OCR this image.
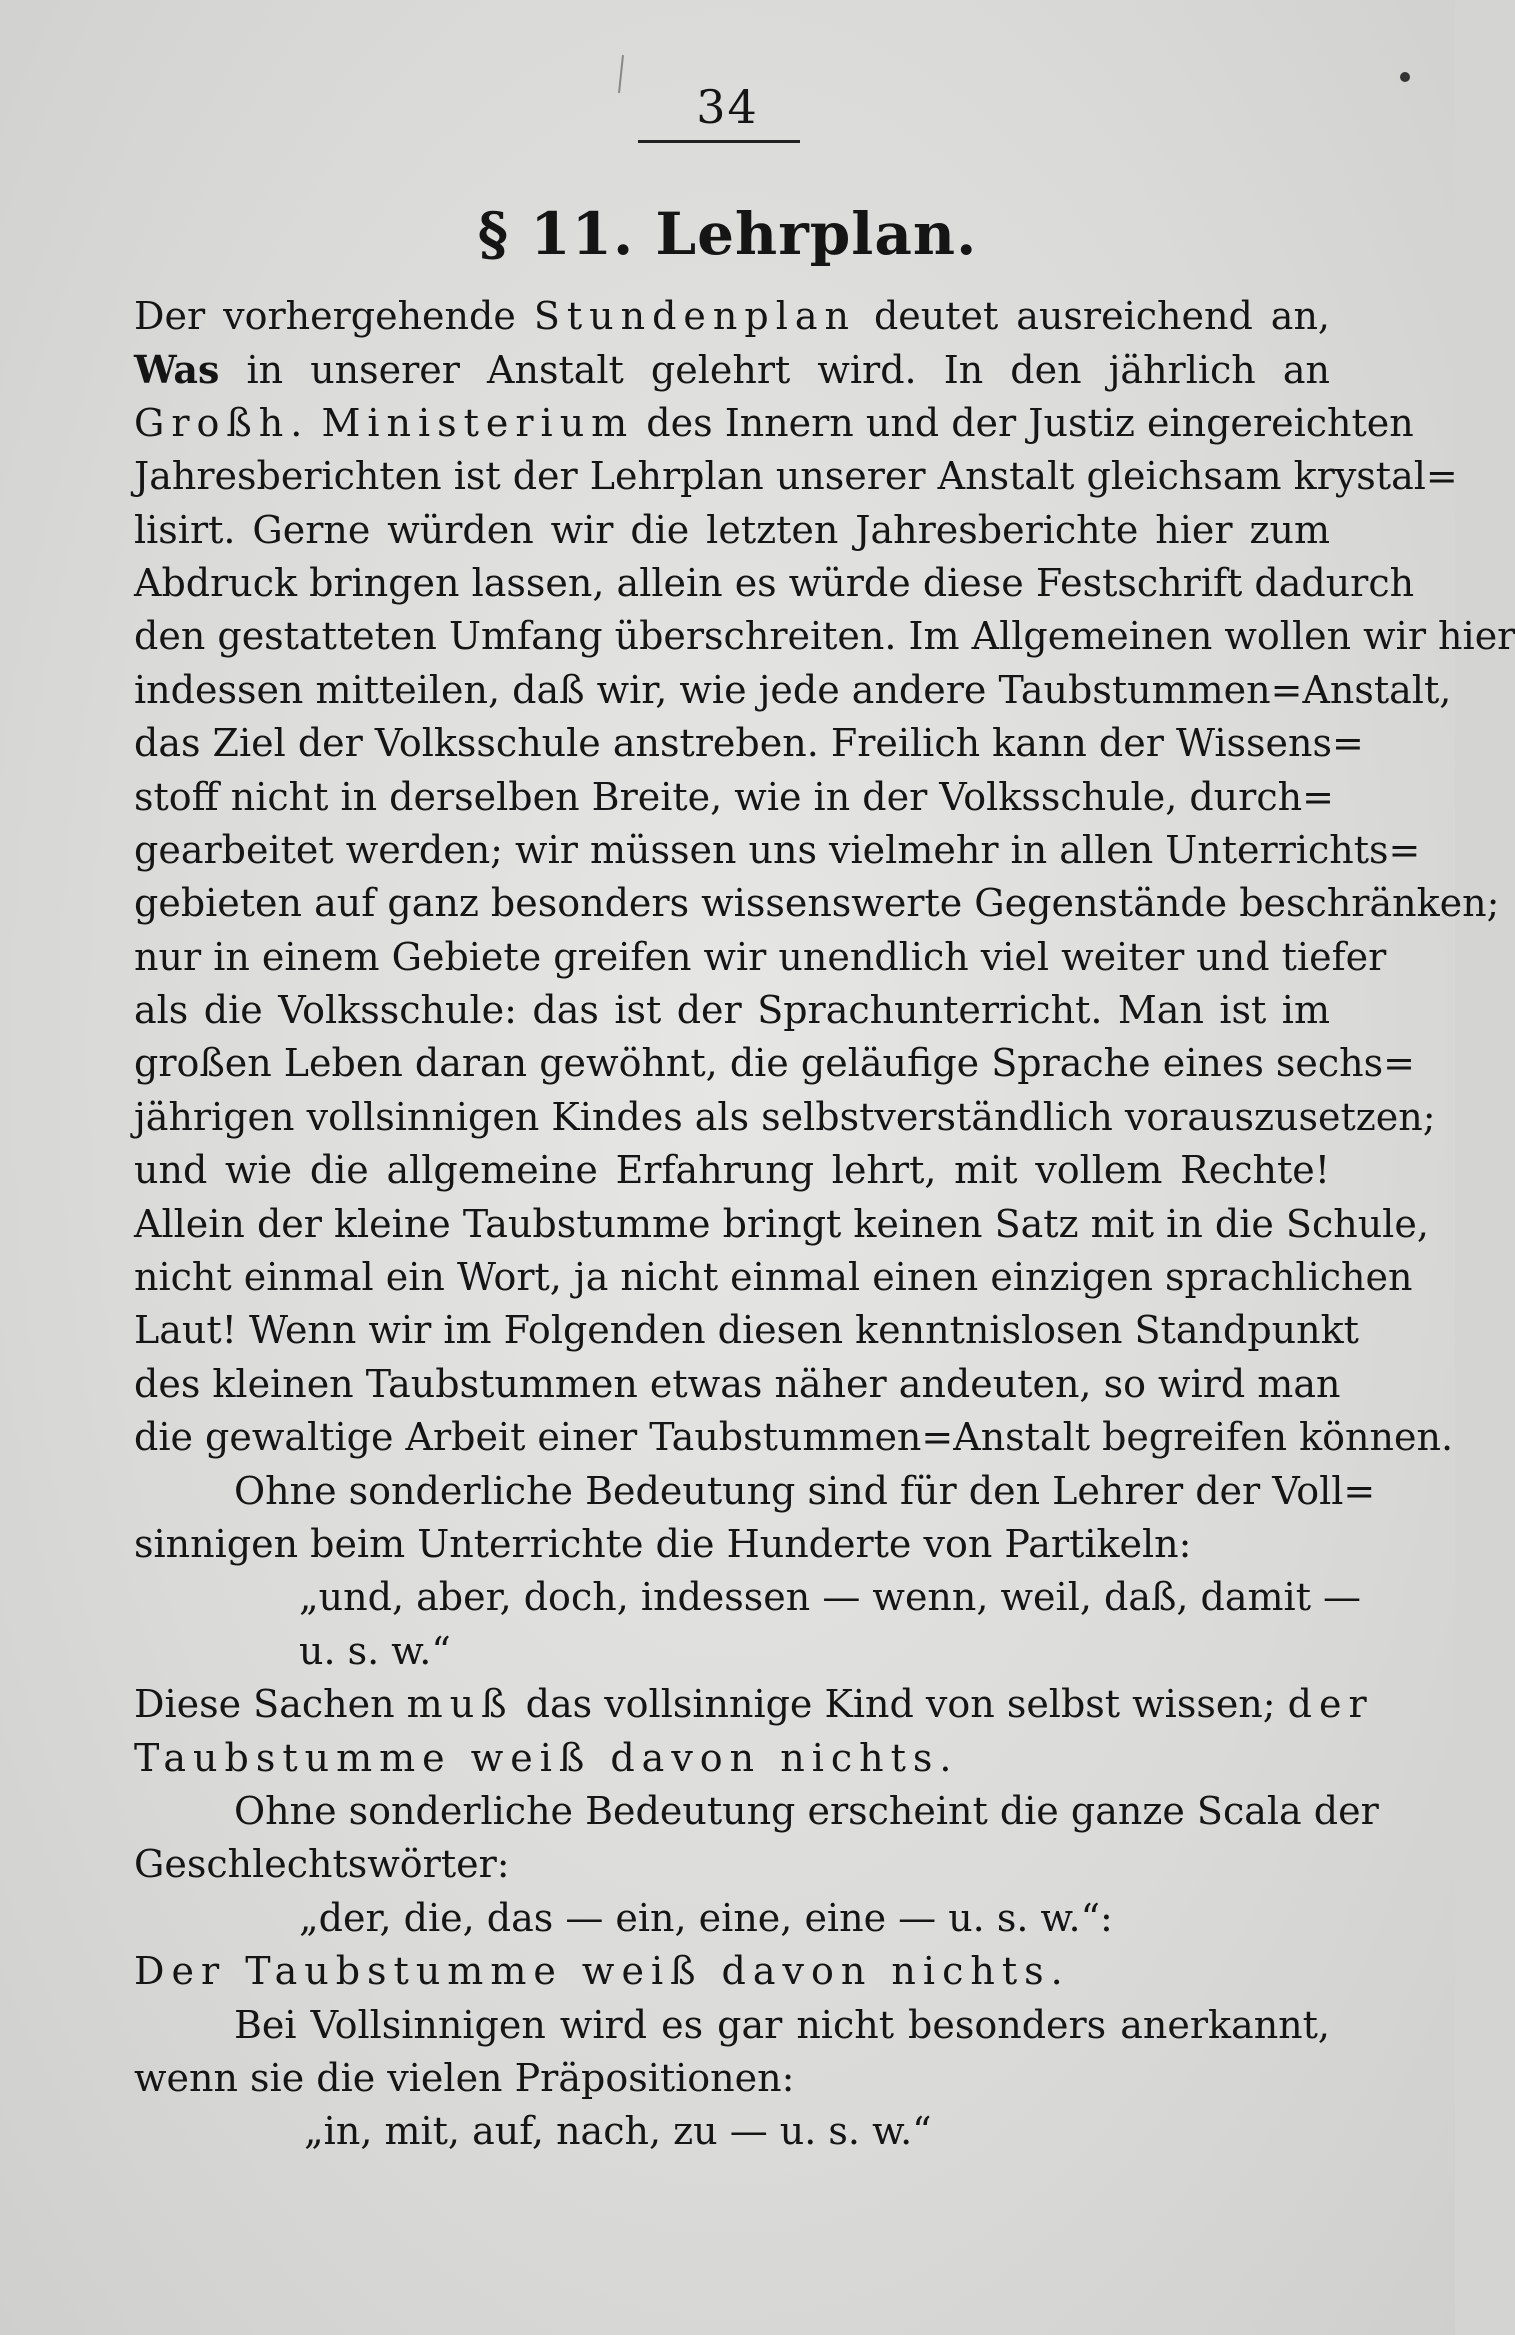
34
§ 11. Lehrplan.
Der vorhergehende Stundenplan deutet ausreichend an,
Was in unserer Anstalt gelehrt wird. In den jährlich an
Großh. Ministerium des Innern und der Justiz eingereichten
Jahresberichten ist der Lehrplan unserer Anstalt gleichsam krystal=
lisirt. Gerne würden wir die letzten Jahresberichte hier zum
Abdruck bringen lassen, allein es würde diese Festschrift dadurch
den gestatteten Umfang überschreiten. Im Allgemeinen wollen wir hier
indessen mitteilen, daß wir, wie jede andere Taubstummen=Anstalt,
das Ziel der Volksschule anstreben. Freilich kann der Wissens=
stoff nicht in derselben Breite, wie in der Volksschule, durch=
gearbeitet werden; wir müssen uns vielmehr in allen Unterrichts=
gebieten auf ganz besonders wissenswerte Gegenstände beschränken;
nur in einem Gebiete greifen wir unendlich viel weiter und tiefer
als die Volksschule: das ist der Sprachunterricht. Man ist im
großen Leben daran gewöhnt, die geläufige Sprache eines sechs=
jährigen vollsinnigen Kindes als selbstverständlich vorauszusetzen;
und wie die allgemeine Erfahrung lehrt, mit vollem Rechte!
Allein der kleine Taubstumme bringt keinen Satz mit in die Schule,
nicht einmal ein Wort, ja nicht einmal einen einzigen sprachlichen
Laut! Wenn wir im Folgenden diesen kenntnislosen Standpunkt
des kleinen Taubstummen etwas näher andeuten, so wird man
die gewaltige Arbeit einer Taubstummen=Anstalt begreifen können.
Ohne sonderliche Bedeutung sind für den Lehrer der Voll=
sinnigen beim Unterrichte die Hunderte von Partikeln:
„und, aber, doch, indessen — wenn, weil, daß, damit —
u. s. w.“
Diese Sachen muß das vollsinnige Kind von selbst wissen; der
Taubstumme weiß davon nichts.
Ohne sonderliche Bedeutung erscheint die ganze Scala der
Geschlechtswörter:
„der, die, das — ein, eine, eine — u. s. w.“:
Der Taubstumme weiß davon nichts.
Bei Vollsinnigen wird es gar nicht besonders anerkannt,
wenn sie die vielen Präpositionen:
„in, mit, auf, nach, zu — u. s. w.“
